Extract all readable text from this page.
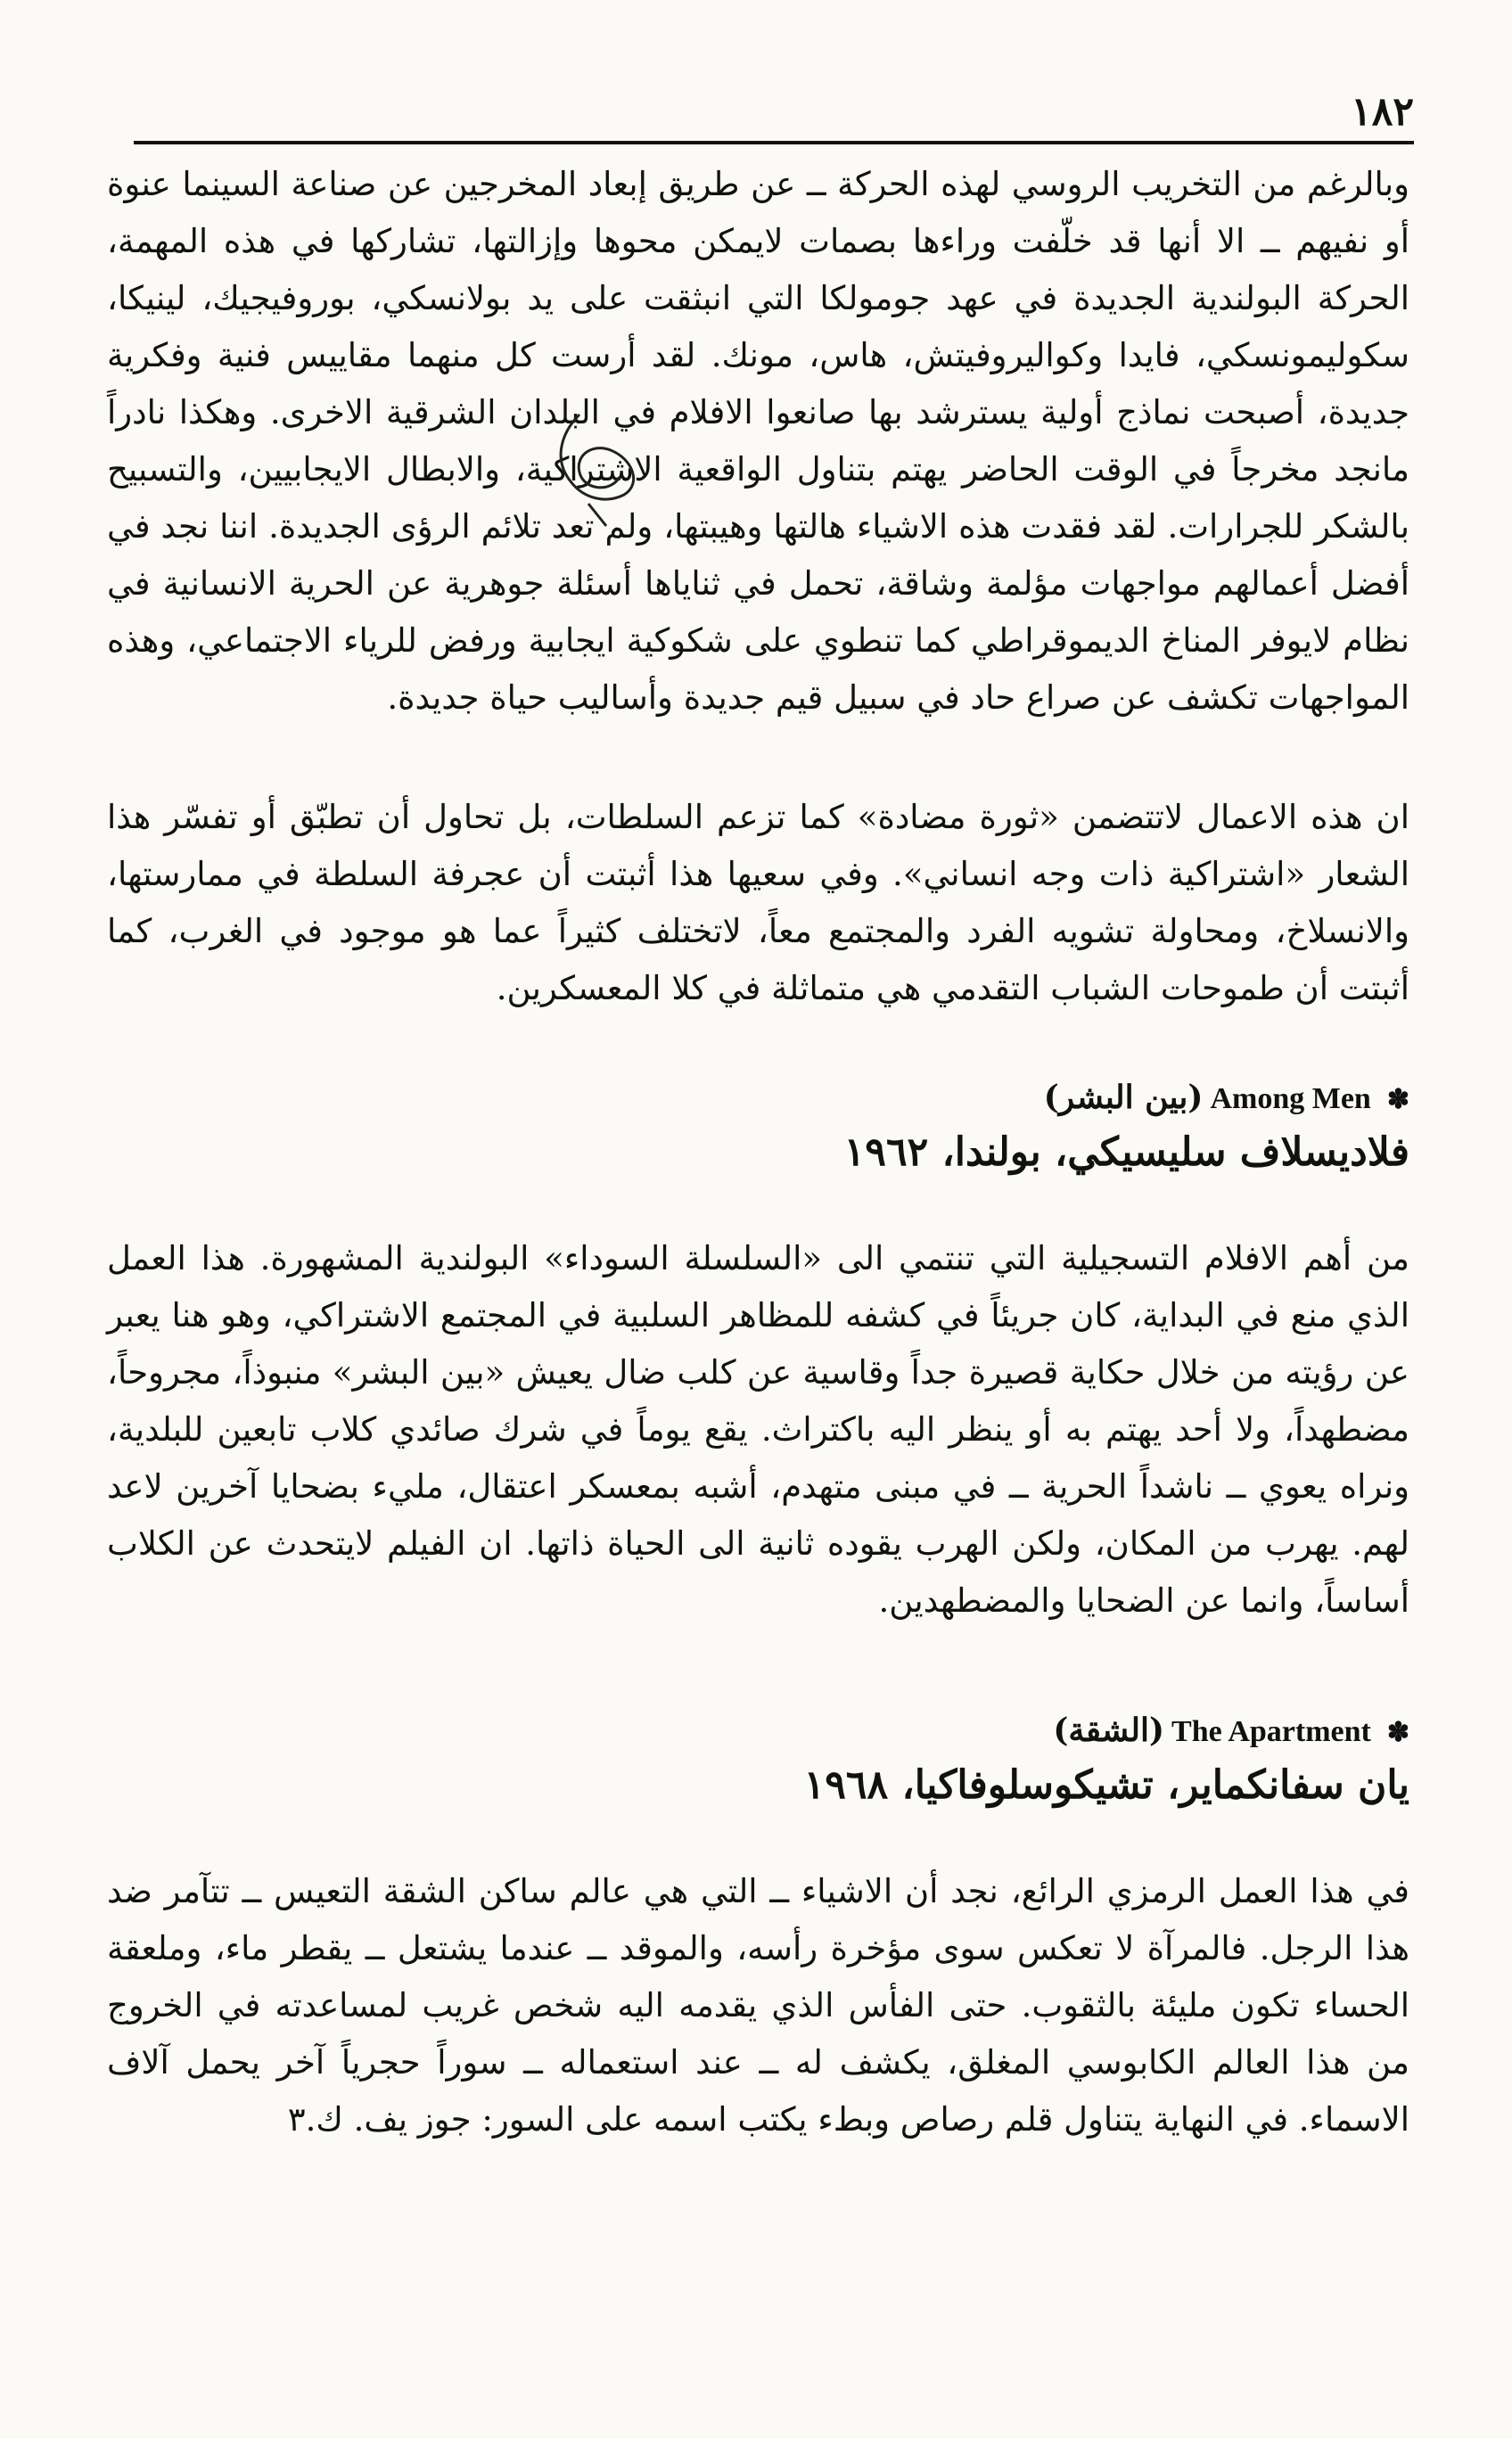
١٨٢

وبالرغم من التخريب الروسي لهذه الحركة ــ عن طريق إبعاد المخرجين عن صناعة السينما عنوة أو نفيهم ــ الا أنها قد خلّفت وراءها بصمات لايمكن محوها وإزالتها، تشاركها في هذه المهمة، الحركة البولندية الجديدة في عهد جومولكا التي انبثقت على يد بولانسكي، بوروفيجيك، لينيكا، سكوليمونسكي، فايدا وكواليروفيتش، هاس، مونك. لقد أرست كل منهما مقاييس فنية وفكرية جديدة، أصبحت نماذج أولية يسترشد بها صانعوا الافلام في البلدان الشرقية الاخرى. وهكذا نادراً مانجد مخرجاً في الوقت الحاضر يهتم بتناول الواقعية الاشتراكية، والابطال الايجابيين، والتسبيح بالشكر للجرارات. لقد فقدت هذه الاشياء هالتها وهيبتها، ولم تعد تلائم الرؤى الجديدة. اننا نجد في أفضل أعمالهم مواجهات مؤلمة وشاقة، تحمل في ثناياها أسئلة جوهرية عن الحرية الانسانية في نظام لايوفر المناخ الديموقراطي كما تنطوي على شكوكية ايجابية ورفض للرياء الاجتماعي، وهذه المواجهات تكشف عن صراع حاد في سبيل قيم جديدة وأساليب حياة جديدة.

ان هذه الاعمال لاتتضمن «ثورة مضادة» كما تزعم السلطات، بل تحاول أن تطبّق أو تفسّر هذا الشعار «اشتراكية ذات وجه انساني». وفي سعيها هذا أثبتت أن عجرفة السلطة في ممارستها، والانسلاخ، ومحاولة تشويه الفرد والمجتمع معاً، لاتختلف كثيراً عما هو موجود في الغرب، كما أثبتت أن طموحات الشباب التقدمي هي متماثلة في كلا المعسكرين.

✽Among Men(بين البشر)
فلاديسلاف سليسيكي، بولندا، ١٩٦٢

من أهم الافلام التسجيلية التي تنتمي الى «السلسلة السوداء» البولندية المشهورة. هذا العمل الذي منع في البداية، كان جريئاً في كشفه للمظاهر السلبية في المجتمع الاشتراكي، وهو هنا يعبر عن رؤيته من خلال حكاية قصيرة جداً وقاسية عن كلب ضال يعيش «بين البشر» منبوذاً، مجروحاً، مضطهداً، ولا أحد يهتم به أو ينظر اليه باكتراث. يقع يوماً في شرك صائدي كلاب تابعين للبلدية، ونراه يعوي ــ ناشداً الحرية ــ في مبنى متهدم، أشبه بمعسكر اعتقال، مليء بضحايا آخرين لاعد لهم. يهرب من المكان، ولكن الهرب يقوده ثانية الى الحياة ذاتها. ان الفيلم لايتحدث عن الكلاب أساساً، وانما عن الضحايا والمضطهدين.

✽The Apartment(الشقة)
يان سفانكماير، تشيكوسلوفاكيا، ١٩٦٨

في هذا العمل الرمزي الرائع، نجد أن الاشياء ــ التي هي عالم ساكن الشقة التعيس ــ تتآمر ضد هذا الرجل. فالمرآة لا تعكس سوى مؤخرة رأسه، والموقد ــ عندما يشتعل ــ يقطر ماء، وملعقة الحساء تكون مليئة بالثقوب. حتى الفأس الذي يقدمه اليه شخص غريب لمساعدته في الخروج من هذا العالم الكابوسي المغلق، يكشف له ــ عند استعماله ــ سوراً حجرياً آخر يحمل آلاف الاسماء. في النهاية يتناول قلم رصاص وبطء يكتب اسمه على السور: جوز يف. ك.٣
